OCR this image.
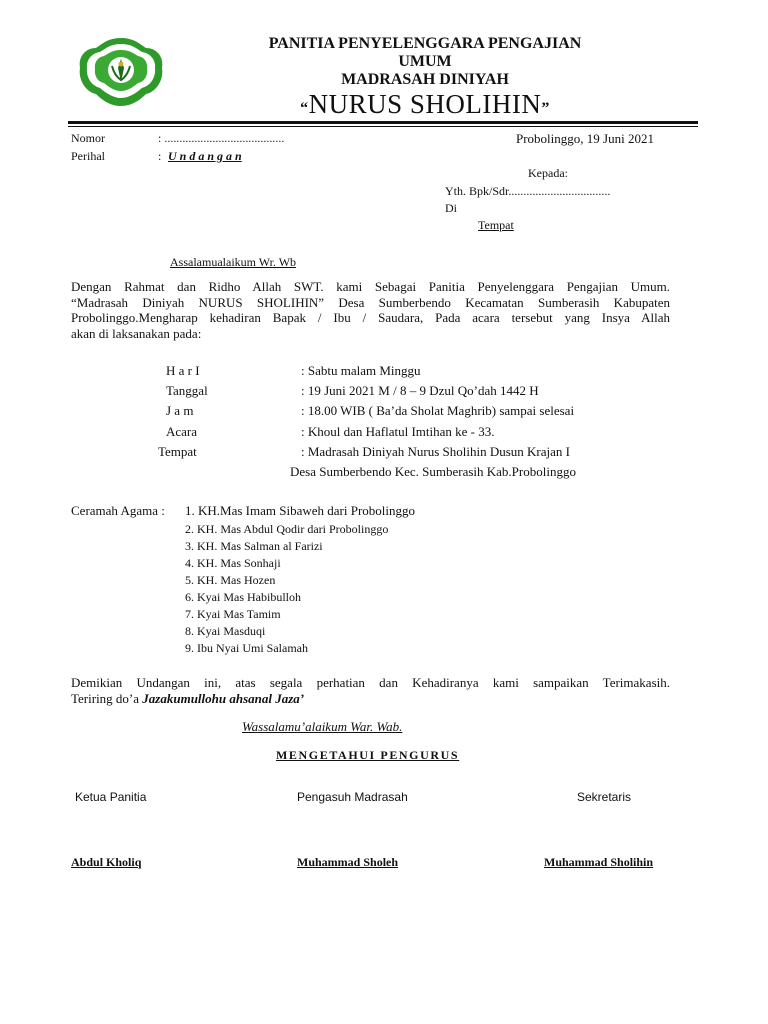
PANITIA PENYELENGGARA PENGAJIAN
UMUM
MADRASAH DINIYAH
“NURUS SHOLIHIN”
Nomor	: ........................................	Probolinggo, 19 Juni 2021
Perihal	: U n d a n g a n
Kepada:
Yth. Bpk/Sdr..................................
Di
Tempat
Assalamualaikum Wr. Wb
Dengan Rahmat dan Ridho Allah SWT. kami Sebagai Panitia Penyelenggara Pengajian Umum.
“Madrasah Diniyah NURUS SHOLIHIN” Desa Sumberbendo Kecamatan Sumberasih Kabupaten
Probolinggo.Mengharap kehadiran Bapak / Ibu / Saudara, Pada acara tersebut yang Insya Allah
akan di laksanakan pada:
H a r I	: Sabtu malam Minggu
Tanggal	: 19 Juni 2021 M / 8 – 9 Dzul Qo’dah 1442 H
J a m	: 18.00 WIB ( Ba’da Sholat Maghrib) sampai selesai
Acara	: Khoul dan Haflatul Imtihan ke - 33.
Tempat	: Madrasah Diniyah Nurus Sholihin Dusun Krajan I
Desa Sumberbendo Kec. Sumberasih Kab.Probolinggo
Ceramah Agama : 1. KH.Mas Imam Sibaweh dari Probolinggo
2. KH. Mas Abdul Qodir dari Probolinggo
3. KH. Mas Salman al Farizi
4. KH. Mas Sonhaji
5. KH. Mas Hozen
6. Kyai Mas Habibulloh
7. Kyai Mas Tamim
8. Kyai Masduqi
9. Ibu Nyai Umi Salamah
Demikian Undangan ini, atas segala perhatian dan Kehadiranya kami sampaikan Terimakasih.
Teriring do’a Jazakumullohu ahsanal Jaza’
Wassalamu’alaikum War. Wab.
MENGETAHUI PENGURUS
Ketua Panitia	Pengasuh Madrasah	Sekretaris
Abdul Kholiq	Muhammad Sholeh	Muhammad Sholihin
